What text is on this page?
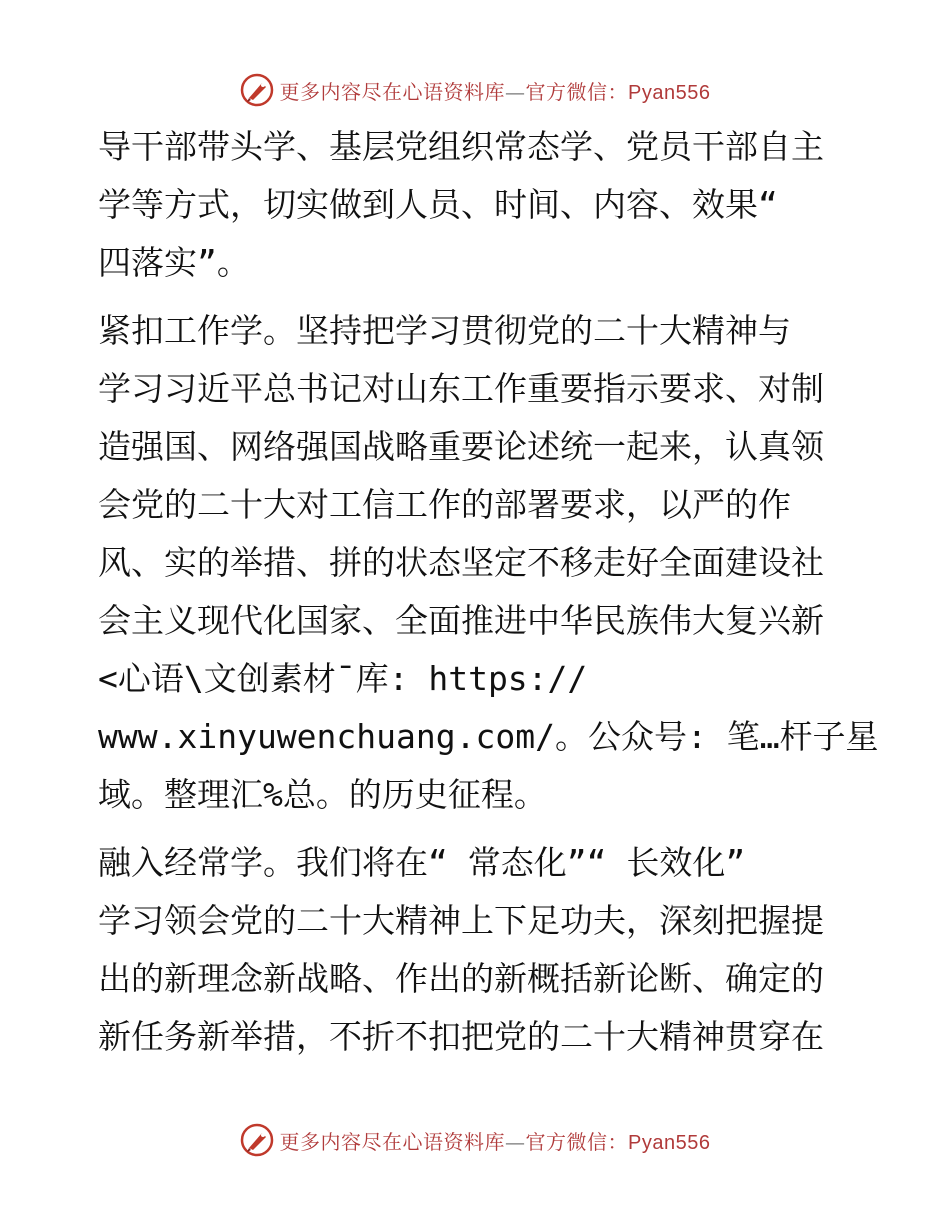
更多内容尽在心语资料库—官方微信：Pyan556
导干部带头学、基层党组织常态学、党员干部自主
学等方式，切实做到人员、时间、内容、效果“
四落实”。
紧扣工作学。坚持把学习贯彻党的二十大精神与
学习习近平总书记对山东工作重要指示要求、对制
造强国、网络强国战略重要论述统一起来，认真领
会党的二十大对工信工作的部署要求，以严的作
风、实的举措、拼的状态坚定不移走好全面建设社
会主义现代化国家、全面推进中华民族伟大复兴新
<心语\文创素材¯库: https://
www.xinyuwenchuang.com/。公众号: 笔…杆子星
域。整理汇%总。的历史征程。
融入经常学。我们将在“ 常态化”“ 长效化”
学习领会党的二十大精神上下足功夫，深刻把握提
出的新理念新战略、作出的新概括新论断、确定的
新任务新举措，不折不扣把党的二十大精神贯穿在
更多内容尽在心语资料库—官方微信：Pyan556
